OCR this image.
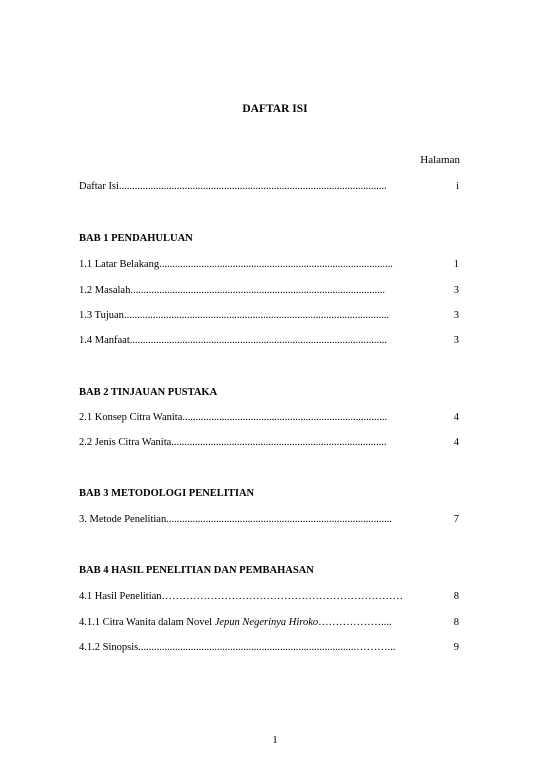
DAFTAR ISI
Halaman
Daftar Isi......................................................................................................	i
BAB 1 PENDAHULUAN
1.1 Latar Belakang.........................................................................................	1
1.2 Masalah.................................................................................................	3
1.3 Tujuan.....................................................................................................	3
1.4 Manfaat..................................................................................................	3
BAB 2 TINJAUAN PUSTAKA
2.1 Konsep Citra Wanita..............................................................................	4
2.2 Jenis Citra Wanita..................................................................................	4
BAB 3 METODOLOGI PENELITIAN
3. Metode Penelitian......................................................................................	7
BAB 4 HASIL PENELITIAN DAN PEMBAHASAN
4.1 Hasil Penelitian……………………………………………………………	8
4.1.1 Citra Wanita dalam Novel Jepun Negerinya Hiroko………………....	8
4.1.2 Sinopsis...................................................................................………...	9
1
